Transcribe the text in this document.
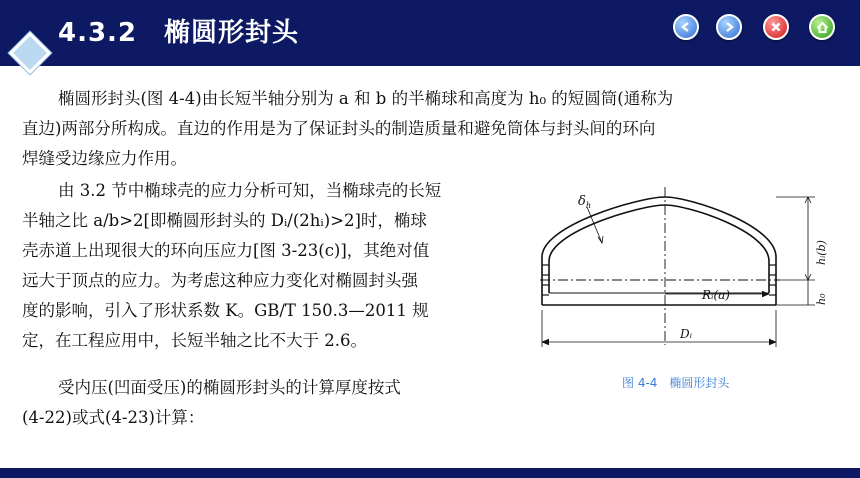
4.3.2　椭圆形封头
椭圆形封头(图 4-4)由长短半轴分别为 a 和 b 的半椭球和高度为 h₀ 的短圆筒(通称为
直边)两部分所构成。直边的作用是为了保证封头的制造质量和避免筒体与封头间的环向
焊缝受边缘应力作用。
由 3.2 节中椭球壳的应力分析可知，当椭球壳的长短
半轴之比 a/b>2[即椭圆形封头的 Dᵢ/(2hᵢ)>2]时，椭球
壳赤道上出现很大的环向压应力[图 3-23(c)]，其绝对值
远大于顶点的应力。为考虑这种应力变化对椭圆封头强
度的影响，引入了形状系数 K。GB/T 150.3—2011 规
定，在工程应用中，长短半轴之比不大于 2.6。
受内压(凹面受压)的椭圆形封头的计算厚度按式
(4-22)或式(4-23)计算：
$\delta_h$
hᵢ(b)
h₀
Rᵢ(a)
Dᵢ
图 4-4　椭圆形封头
